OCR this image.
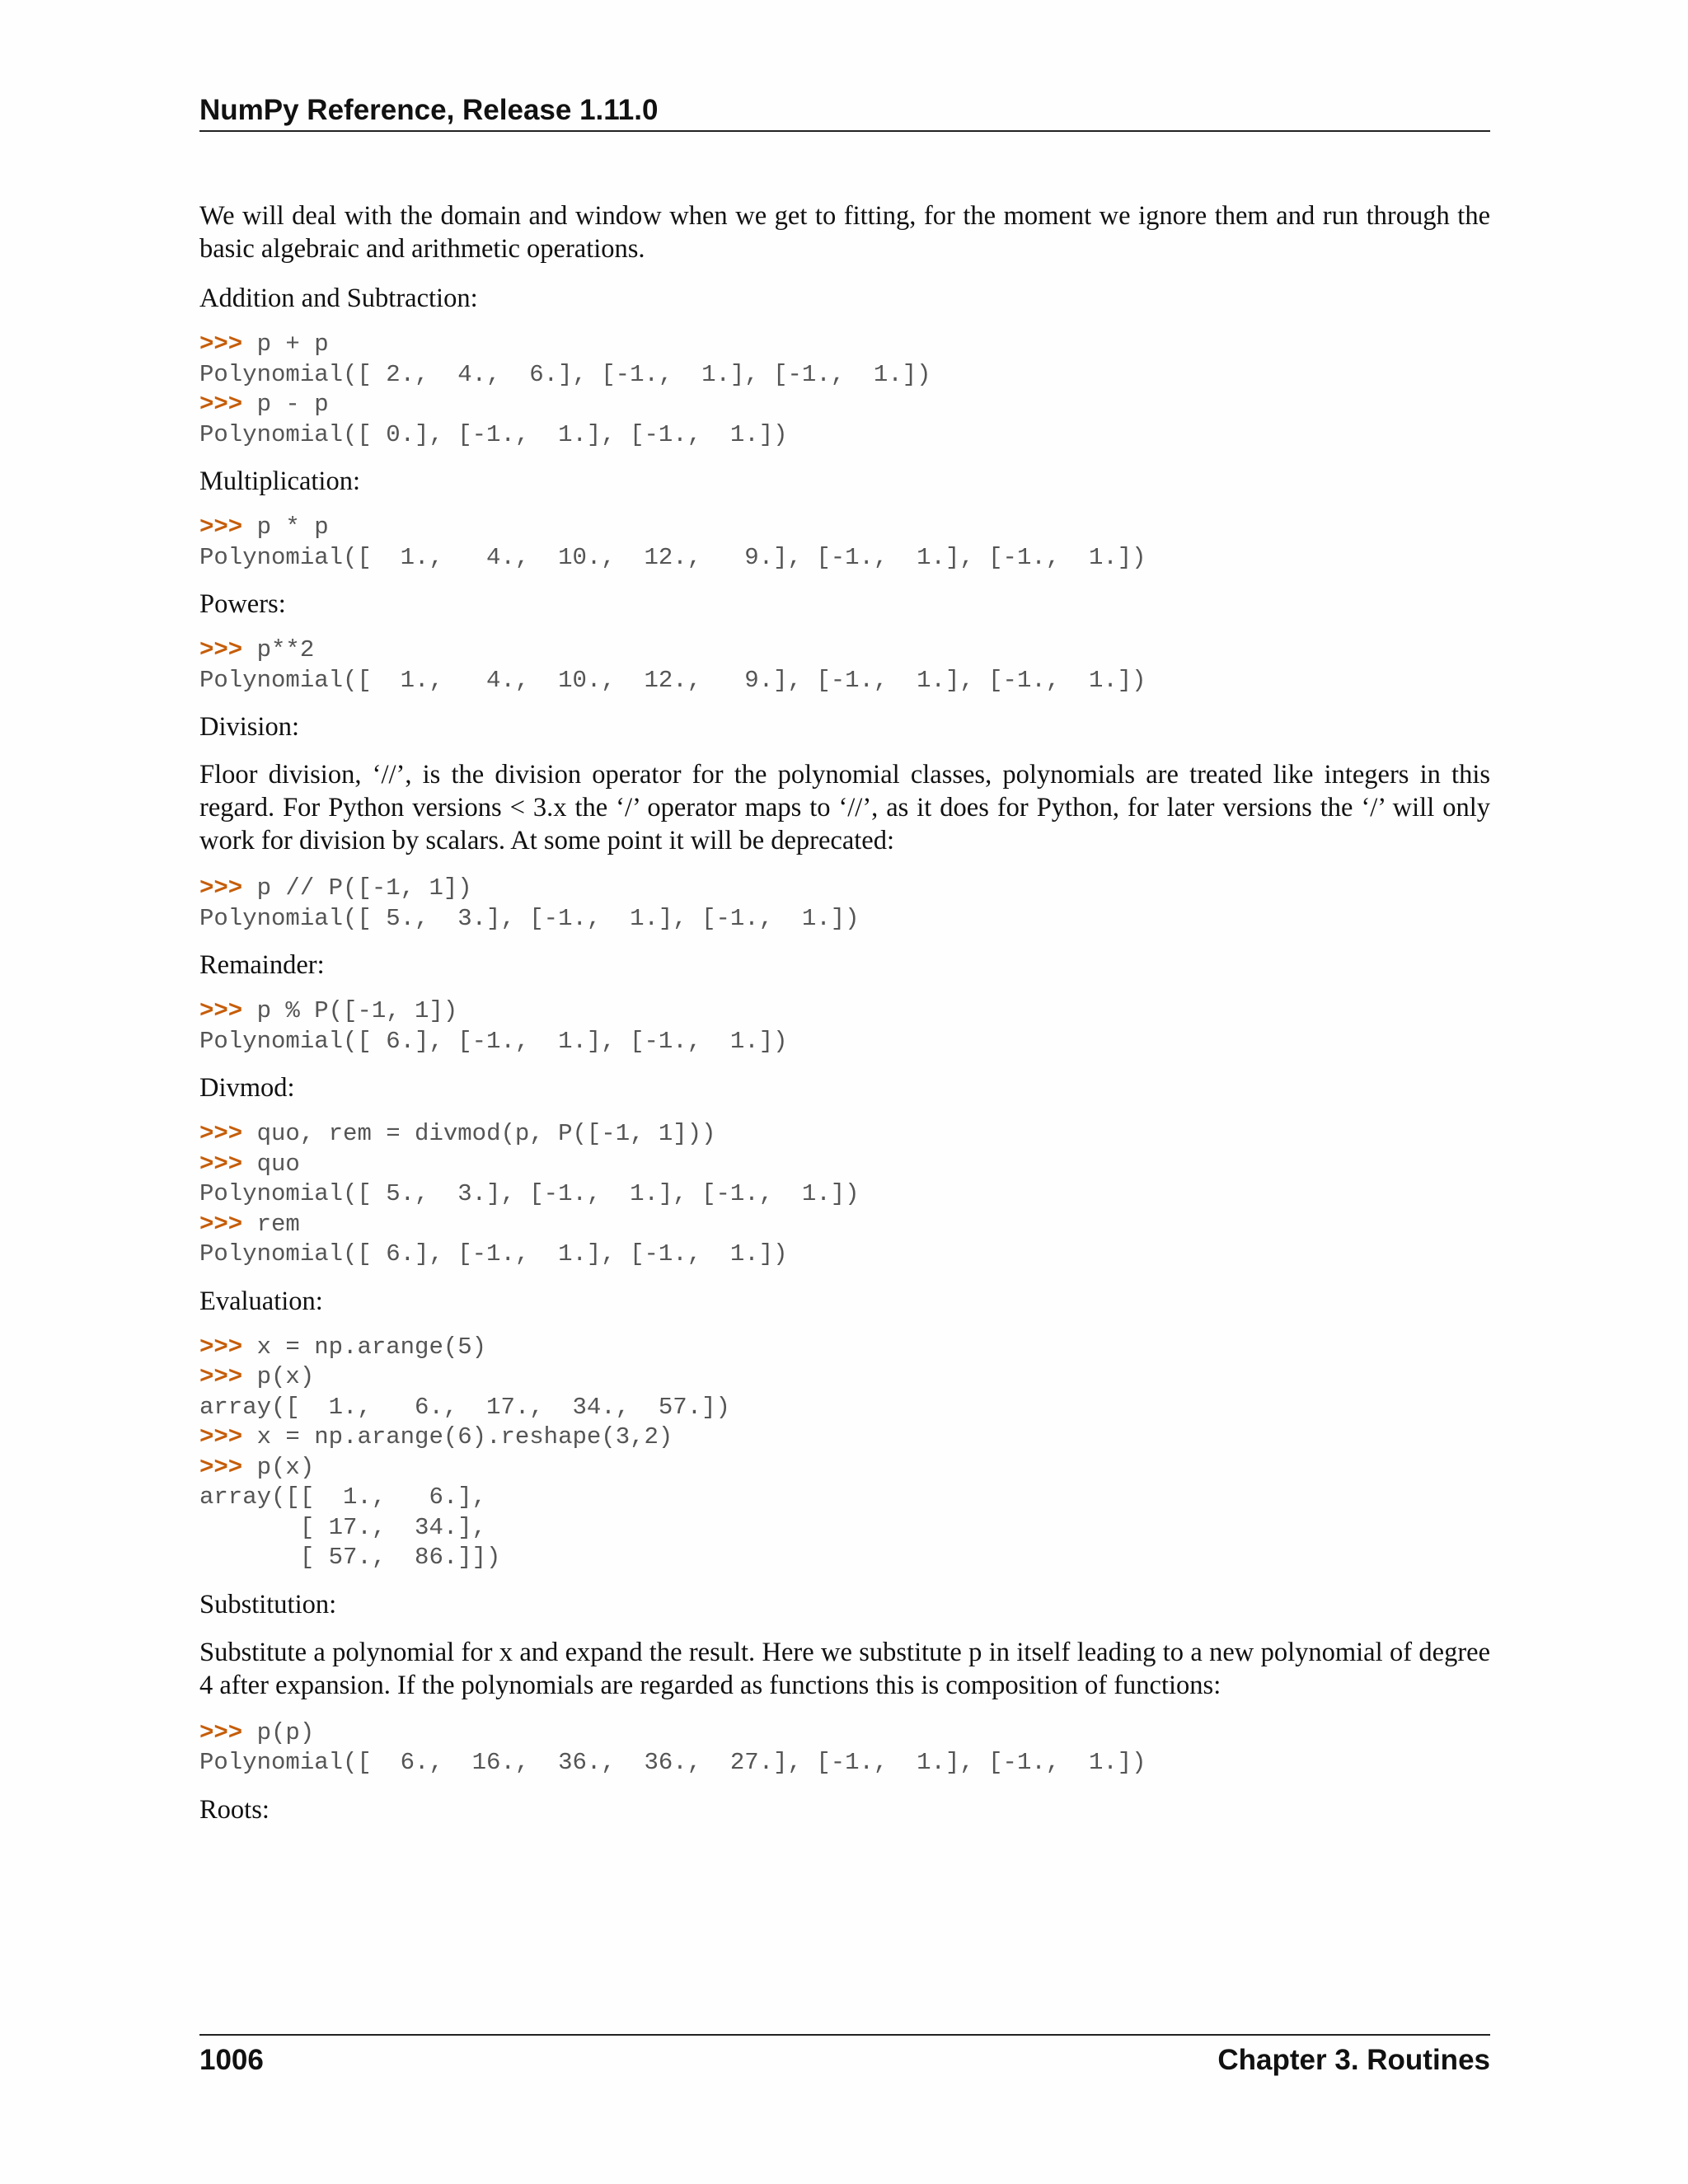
NumPy Reference, Release 1.11.0

We will deal with the domain and window when we get to fitting, for the moment we ignore them and run through the basic algebraic and arithmetic operations.

Addition and Subtraction:

>>> p + p
Polynomial([ 2.,  4.,  6.], [-1.,  1.], [-1.,  1.])
>>> p - p
Polynomial([ 0.], [-1.,  1.], [-1.,  1.])

Multiplication:

>>> p * p
Polynomial([  1.,   4.,  10.,  12.,   9.], [-1.,  1.], [-1.,  1.])

Powers:

>>> p**2
Polynomial([  1.,   4.,  10.,  12.,   9.], [-1.,  1.], [-1.,  1.])

Division:

Floor division, ‘//’, is the division operator for the polynomial classes, polynomials are treated like integers in this regard. For Python versions < 3.x the ‘/’ operator maps to ‘//’, as it does for Python, for later versions the ‘/’ will only work for division by scalars. At some point it will be deprecated:

>>> p // P([-1, 1])
Polynomial([ 5.,  3.], [-1.,  1.], [-1.,  1.])

Remainder:

>>> p % P([-1, 1])
Polynomial([ 6.], [-1.,  1.], [-1.,  1.])

Divmod:

>>> quo, rem = divmod(p, P([-1, 1]))
>>> quo
Polynomial([ 5.,  3.], [-1.,  1.], [-1.,  1.])
>>> rem
Polynomial([ 6.], [-1.,  1.], [-1.,  1.])

Evaluation:

>>> x = np.arange(5)
>>> p(x)
array([  1.,   6.,  17.,  34.,  57.])
>>> x = np.arange(6).reshape(3,2)
>>> p(x)
array([[  1.,   6.],
[ 17.,  34.],
[ 57.,  86.]])

Substitution:

Substitute a polynomial for x and expand the result. Here we substitute p in itself leading to a new polynomial of degree 4 after expansion. If the polynomials are regarded as functions this is composition of functions:

>>> p(p)
Polynomial([  6.,  16.,  36.,  36.,  27.], [-1.,  1.], [-1.,  1.])

Roots:

1006	Chapter 3. Routines
